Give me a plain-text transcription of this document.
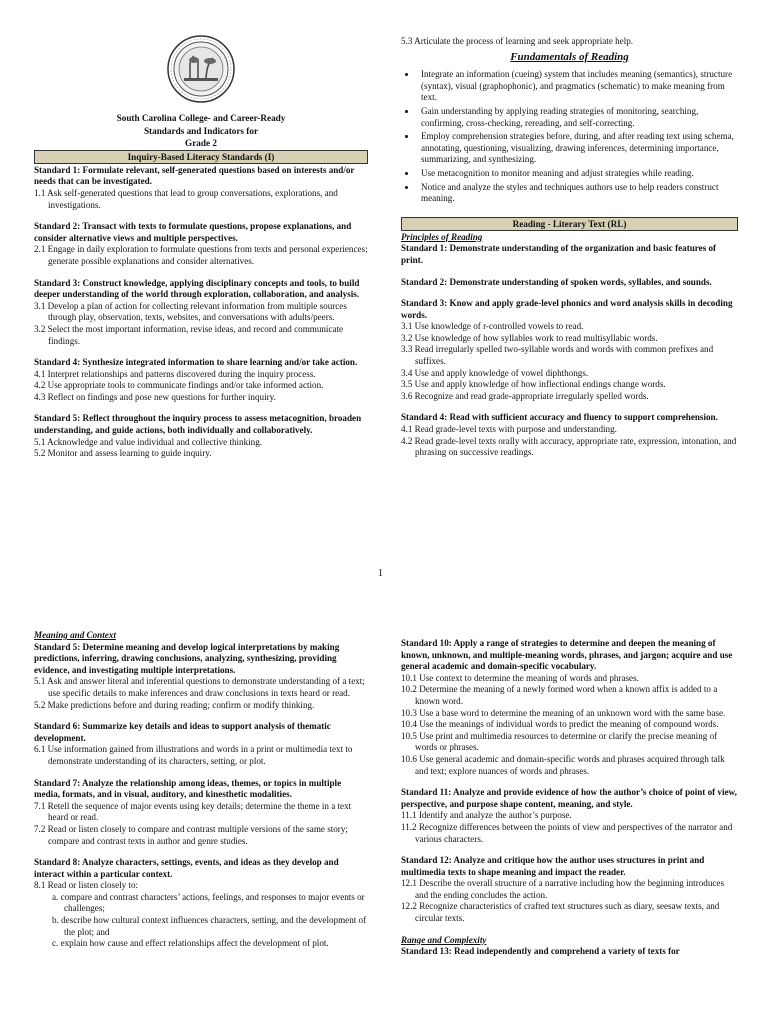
South Carolina College- and Career-Ready
Standards and Indicators for
Grade 2
Inquiry-Based Literacy Standards (I)

Standard 1: Formulate relevant, self-generated questions based on interests and/or needs that can be investigated.

1.1 Ask self-generated questions that lead to group conversations, explorations, and investigations.

Standard 2: Transact with texts to formulate questions, propose explanations, and consider alternative views and multiple perspectives.

2.1 Engage in daily exploration to formulate questions from texts and personal experiences; generate possible explanations and consider alternatives.

Standard 3: Construct knowledge, applying disciplinary concepts and tools, to build deeper understanding of the world through exploration, collaboration, and analysis.

3.1 Develop a plan of action for collecting relevant information from multiple sources through play, observation, texts, websites, and conversations with adults/peers.

3.2 Select the most important information, revise ideas, and record and communicate findings.

Standard 4: Synthesize integrated information to share learning and/or take action.

4.1 Interpret relationships and patterns discovered during the inquiry process.

4.2 Use appropriate tools to communicate findings and/or take informed action.

4.3 Reflect on findings and pose new questions for further inquiry.

Standard 5: Reflect throughout the inquiry process to assess metacognition, broaden understanding, and guide actions, both individually and collaboratively.

5.1 Acknowledge and value individual and collective thinking.

5.2 Monitor and assess learning to guide inquiry.

5.3 Articulate the process of learning and seek appropriate help.

Fundamentals of Reading
• Integrate an information (cueing) system that includes meaning (semantics), structure (syntax), visual (graphophonic), and pragmatics (schematic) to make meaning from text.
• Gain understanding by applying reading strategies of monitoring, searching, confirming, cross-checking, rereading, and self-correcting.
• Employ comprehension strategies before, during, and after reading text using schema, annotating, questioning, visualizing, drawing inferences, determining importance, summarizing, and synthesizing.
• Use metacognition to monitor meaning and adjust strategies while reading.
• Notice and analyze the styles and techniques authors use to help readers construct meaning.
Reading - Literary Text (RL)

Principles of Reading

Standard 1: Demonstrate understanding of the organization and basic features of print.

Standard 2: Demonstrate understanding of spoken words, syllables, and sounds.

Standard 3: Know and apply grade-level phonics and word analysis skills in decoding words.

3.1 Use knowledge of r-controlled vowels to read.

3.2 Use knowledge of how syllables work to read multisyllabic words.

3.3 Read irregularly spelled two-syllable words and words with common prefixes and suffixes.

3.4 Use and apply knowledge of vowel diphthongs.

3.5 Use and apply knowledge of how inflectional endings change words.

3.6 Recognize and read grade-appropriate irregularly spelled words.

Standard 4: Read with sufficient accuracy and fluency to support comprehension.

4.1 Read grade-level texts with purpose and understanding.

4.2 Read grade-level texts orally with accuracy, appropriate rate, expression, intonation, and phrasing on successive readings.

1

Meaning and Context

Standard 5: Determine meaning and develop logical interpretations by making predictions, inferring, drawing conclusions, analyzing, synthesizing, providing evidence, and investigating multiple interpretations.

5.1 Ask and answer literal and inferential questions to demonstrate understanding of a text; use specific details to make inferences and draw conclusions in texts heard or read.

5.2 Make predictions before and during reading; confirm or modify thinking.

Standard 6: Summarize key details and ideas to support analysis of thematic development.

6.1 Use information gained from illustrations and words in a print or multimedia text to demonstrate understanding of its characters, setting, or plot.

Standard 7: Analyze the relationship among ideas, themes, or topics in multiple media, formats, and in visual, auditory, and kinesthetic modalities.

7.1 Retell the sequence of major events using key details; determine the theme in a text heard or read.

7.2 Read or listen closely to compare and contrast multiple versions of the same story; compare and contrast texts in author and genre studies.

Standard 8: Analyze characters, settings, events, and ideas as they develop and interact within a particular context.

8.1 Read or listen closely to:

a. compare and contrast characters’ actions, feelings, and responses to major events or challenges;

b. describe how cultural context influences characters, setting, and the development of the plot; and

c. explain how cause and effect relationships affect the development of plot.

Standard 10: Apply a range of strategies to determine and deepen the meaning of known, unknown, and multiple-meaning words, phrases, and jargon; acquire and use general academic and domain-specific vocabulary.

10.1 Use context to determine the meaning of words and phrases.

10.2 Determine the meaning of a newly formed word when a known affix is added to a known word.

10.3 Use a base word to determine the meaning of an unknown word with the same base.

10.4 Use the meanings of individual words to predict the meaning of compound words.

10.5 Use print and multimedia resources to determine or clarify the precise meaning of words or phrases.

10.6 Use general academic and domain-specific words and phrases acquired through talk and text; explore nuances of words and phrases.

Standard 11: Analyze and provide evidence of how the author’s choice of point of view, perspective, and purpose shape content, meaning, and style.

11.1 Identify and analyze the author’s purpose.

11.2 Recognize differences between the points of view and perspectives of the narrator and various characters.

Standard 12: Analyze and critique how the author uses structures in print and multimedia texts to shape meaning and impact the reader.

12.1 Describe the overall structure of a narrative including how the beginning introduces and the ending concludes the action.

12.2 Recognize characteristics of crafted text structures such as diary, seesaw texts, and circular texts.

Range and Complexity

Standard 13: Read independently and comprehend a variety of texts for
